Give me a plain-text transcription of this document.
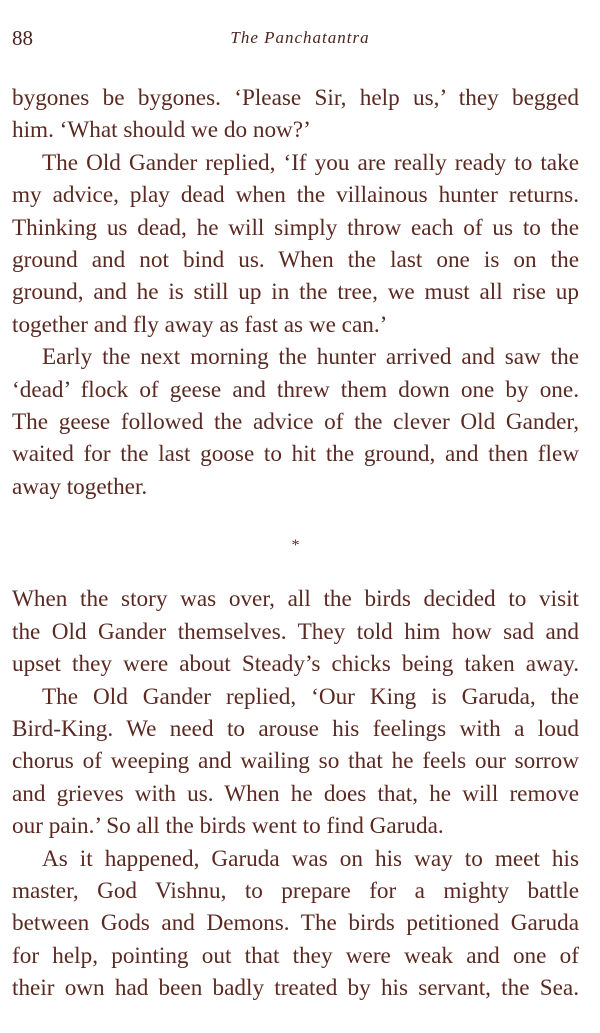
88	The Panchatantra

bygones be bygones. ‘Please Sir, help us,’ they begged

him. ‘What should we do now?’

The Old Gander replied, ‘If you are really ready to take

my advice, play dead when the villainous hunter returns.

Thinking us dead, he will simply throw each of us to the

ground and not bind us. When the last one is on the

ground, and he is still up in the tree, we must all rise up

together and fly away as fast as we can.’

Early the next morning the hunter arrived and saw the

‘dead’ flock of geese and threw them down one by one.

The geese followed the advice of the clever Old Gander,

waited for the last goose to hit the ground, and then flew

away together.

*

When the story was over, all the birds decided to visit

the Old Gander themselves. They told him how sad and

upset they were about Steady’s chicks being taken away.

The Old Gander replied, ‘Our King is Garuda, the

Bird-King. We need to arouse his feelings with a loud

chorus of weeping and wailing so that he feels our sorrow

and grieves with us. When he does that, he will remove

our pain.’ So all the birds went to find Garuda.

As it happened, Garuda was on his way to meet his

master, God Vishnu, to prepare for a mighty battle

between Gods and Demons. The birds petitioned Garuda

for help, pointing out that they were weak and one of

their own had been badly treated by his servant, the Sea.
